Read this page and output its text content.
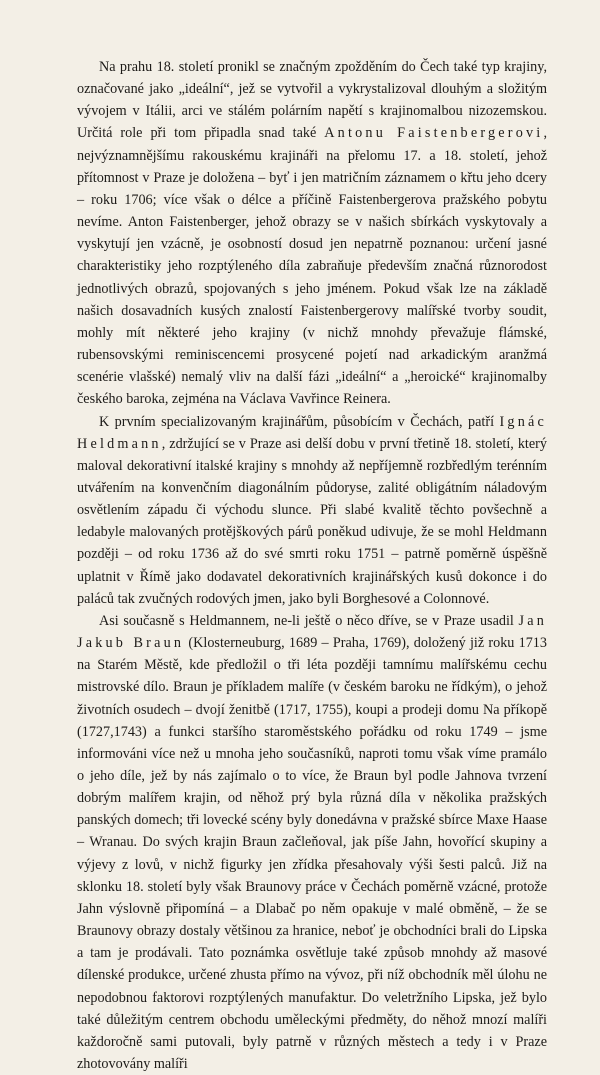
Na prahu 18. století pronikl se značným zpožděním do Čech také typ krajiny, označované jako „ideální“, jež se vytvořil a vykrystalizoval dlouhým a složitým vývojem v Itálii, arci ve stálém polárním napětí s krajinomalbou nizozemskou. Určitá role při tom připadla snad také Antonu Faistenbergerovi, nejvýznamnějšímu rakouskému krajináři na přelomu 17. a 18. století, jehož přítomnost v Praze je doložena – byť i jen matričním záznamem o křtu jeho dcery – roku 1706; více však o délce a příčině Faistenbergerova pražského pobytu nevíme. Anton Faistenberger, jehož obrazy se v našich sbírkách vyskytovaly a vyskytují jen vzácně, je osobností dosud jen nepatrně poznanou: určení jasné charakteristiky jeho rozptýleného díla zabraňuje především značná různorodost jednotlivých obrazů, spojovaných s jeho jménem. Pokud však lze na základě našich dosavadních kusých znalostí Faistenbergerovy malířské tvorby soudit, mohly mít některé jeho krajiny (v nichž mnohdy převažuje flámské, rubensovskými reminiscencemi prosycené pojetí nad arkadickým aranžmá scenérie vlašské) nemalý vliv na další fázi „ideální“ a „heroické“ krajinomalby českého baroka, zejména na Václava Vavřince Reinera.

K prvním specializovaným krajinářům, působícím v Čechách, patří Ignác Heldmann, zdržující se v Praze asi delší dobu v první třetině 18. století, který maloval dekorativní italské krajiny s mnohdy až nepříjemně rozbředlým terénním utvářením na konvenčním diagonálním půdoryse, zalité obligátním náladovým osvětlením západu či východu slunce. Při slabé kvalitě těchto povšechně a ledabyle malovaných protějškových párů poněkud udivuje, že se mohl Heldmann později – od roku 1736 až do své smrti roku 1751 – patrně poměrně úspěšně uplatnit v Římě jako dodavatel dekorativních krajinářských kusů dokonce i do paláců tak zvučných rodových jmen, jako byli Borghesové a Colonnové.

Asi současně s Heldmannem, ne-li ještě o něco dříve, se v Praze usadil Jan Jakub Braun (Klosterneuburg, 1689 – Praha, 1769), doložený již roku 1713 na Starém Městě, kde předložil o tři léta později tamnímu malířskému cechu mistrovské dílo. Braun je příkladem malíře (v českém baroku ne řídkým), o jehož životních osudech – dvojí ženitbě (1717, 1755), koupi a prodeji domu Na příkopě (1727,1743) a funkci staršího staroměstského pořádku od roku 1749 – jsme informováni více než u mnoha jeho současníků, naproti tomu však víme pramálo o jeho díle, jež by nás zajímalo o to více, že Braun byl podle Jahnova tvrzení dobrým malířem krajin, od něhož prý byla různá díla v několika pražských panských domech; tři lovecké scény byly donedávna v pražské sbírce Maxe Haase – Wranau. Do svých krajin Braun začleňoval, jak píše Jahn, hovořící skupiny a výjevy z lovů, v nichž figurky jen zřídka přesahovaly výši šesti palců. Již na sklonku 18. století byly však Braunovy práce v Čechách poměrně vzácné, protože Jahn výslovně připomíná – a Dlabač po něm opakuje v malé obměně, – že se Braunovy obrazy dostaly většinou za hranice, neboť je obchodníci brali do Lipska a tam je prodávali. Tato poznámka osvětluje také způsob mnohdy až masové dílenské produkce, určené zhusta přímo na vývoz, při níž obchodník měl úlohu ne nepodobnou faktorovi rozptýlených manufaktur. Do veletržního Lipska, jež bylo také důležitým centrem obchodu uměleckými předměty, do něhož mnozí malíři každoročně sami putovali, byly patrně v různých městech a tedy i v Praze zhotovovány malíři
